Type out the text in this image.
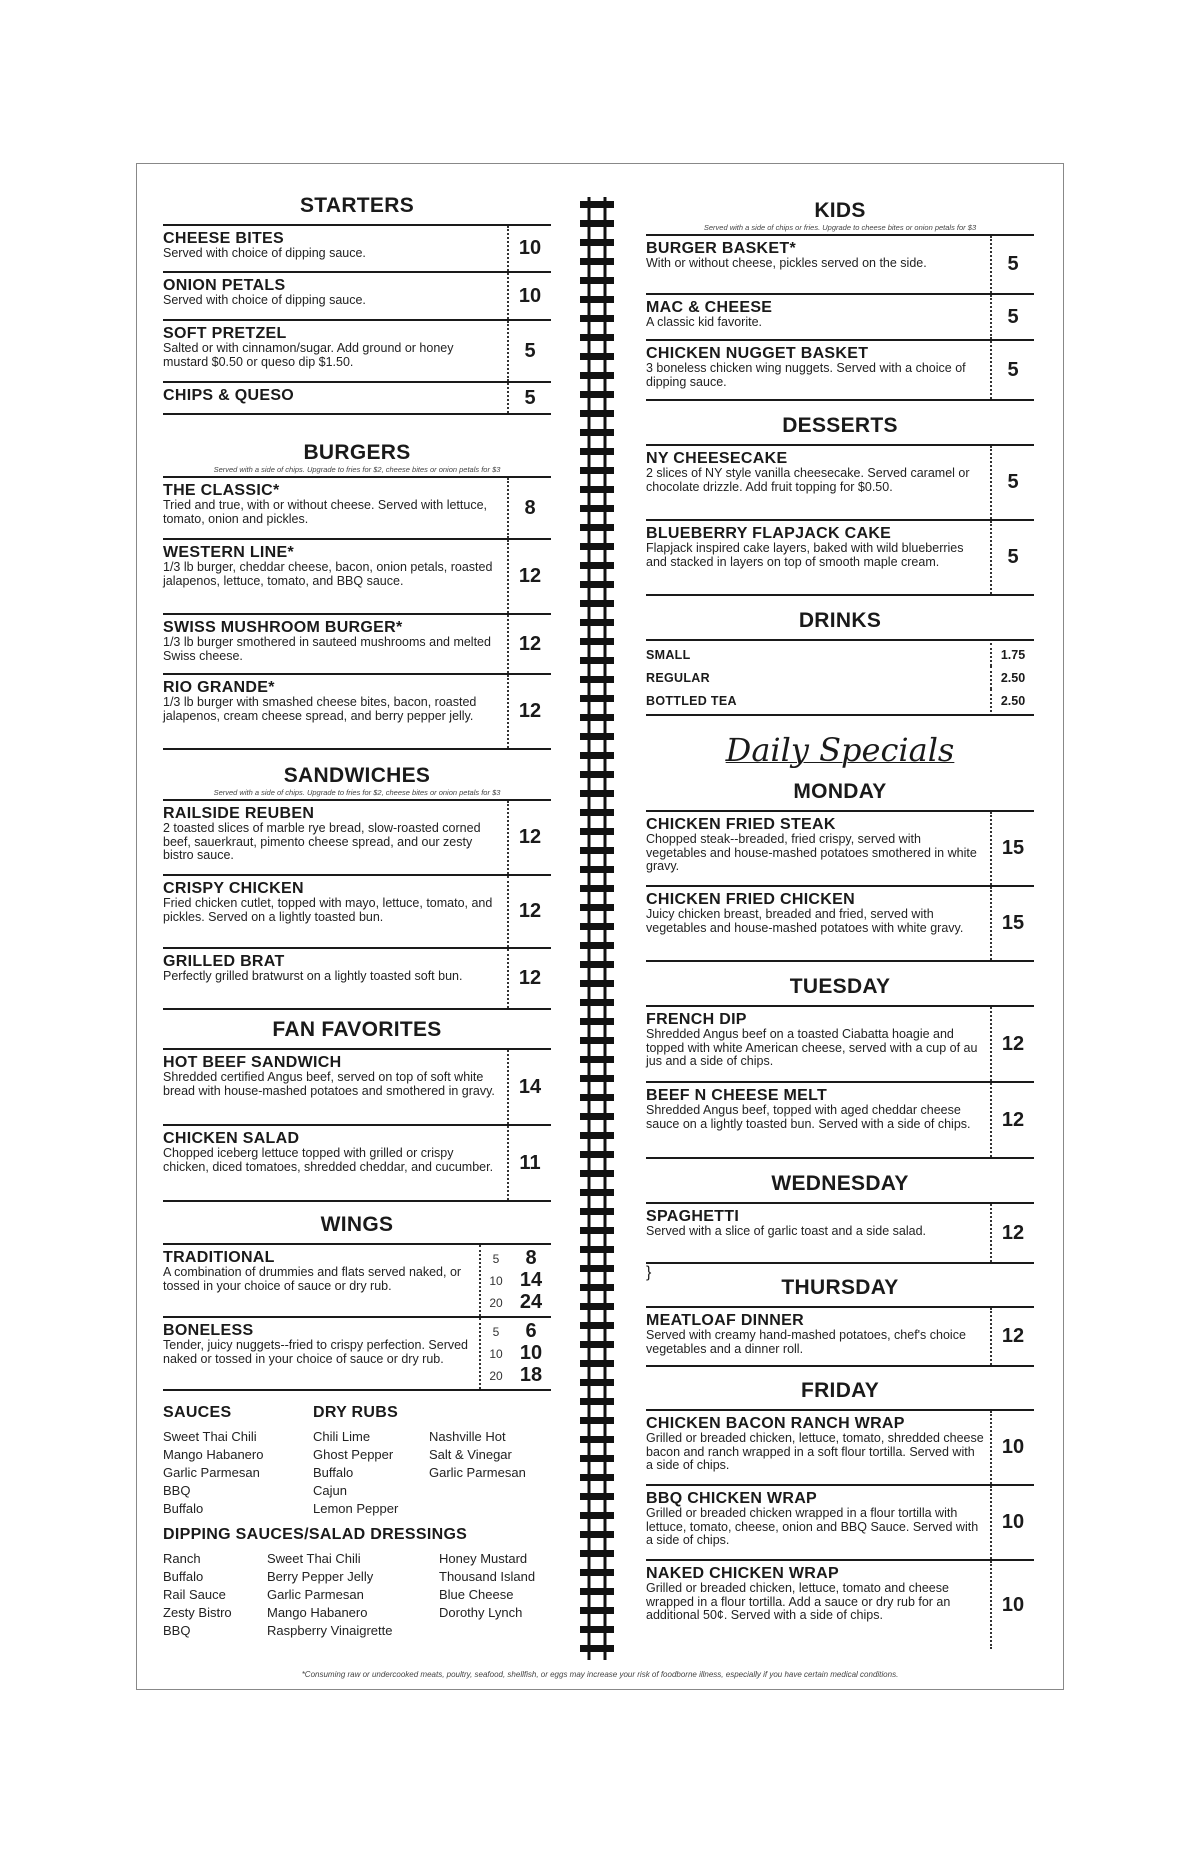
STARTERS
CHEESE BITES
Served with choice of dipping sauce.	10
ONION PETALS
Served with choice of dipping sauce.	10
SOFT PRETZEL
Salted or with cinnamon/sugar. Add ground or honey mustard $0.50 or queso dip $1.50.	5
CHIPS & QUESO	5
BURGERS

Served with a side of chips. Upgrade to fries for $2, cheese bites or onion petals for $3

THE CLASSIC*
Tried and true, with or without cheese. Served with lettuce, tomato, onion and pickles.	8
WESTERN LINE*
1/3 lb burger, cheddar cheese, bacon, onion petals, roasted jalapenos, lettuce, tomato, and BBQ sauce.	12
SWISS MUSHROOM BURGER*
1/3 lb burger smothered in sauteed mushrooms and melted Swiss cheese.
12
RIO GRANDE*
1/3 lb burger with smashed cheese bites, bacon, roasted jalapenos, cream cheese spread, and berry pepper jelly.	12
SANDWICHES

Served with a side of chips. Upgrade to fries for $2, cheese bites or onion petals for $3

RAILSIDE REUBEN
2 toasted slices of marble rye bread, slow-roasted corned beef, sauerkraut, pimento cheese spread, and our zesty bistro sauce.
12
CRISPY CHICKEN
Fried chicken cutlet, topped with mayo, lettuce, tomato, and pickles. Served on a lightly toasted bun.	12
GRILLED BRAT
Perfectly grilled bratwurst on a lightly toasted soft bun.	12
FAN FAVORITES
HOT BEEF SANDWICH
Shredded certified Angus beef, served on top of soft white bread with house-mashed potatoes and smothered in gravy.	14
CHICKEN SALAD
Chopped iceberg lettuce topped with grilled or crispy chicken, diced tomatoes, shredded cheddar, and cucumber.	11
WINGS
TRADITIONAL
A combination of drummies and flats served naked, or tossed in your choice of sauce or dry rub.
5	8
10 14
20 24
BONELESS
Tender, juicy nuggets--fried to crispy perfection. Served naked or tossed in your choice of sauce or dry rub.
5	6
10 10
20 18
SAUCES
Sweet Thai Chili
Mango Habanero
Garlic Parmesan
BBQ
Buffalo
DRY RUBS
Chili Lime
Ghost Pepper
Buffalo
Cajun
Lemon Pepper
Nashville Hot
Salt & Vinegar
Garlic Parmesan
DIPPING SAUCES/SALAD DRESSINGS
Ranch
Buffalo
Rail Sauce
Zesty Bistro
BBQ
Sweet Thai Chili
Berry Pepper Jelly
Garlic Parmesan
Mango Habanero
Raspberry Vinaigrette
Honey Mustard
Thousand Island
Blue Cheese
Dorothy Lynch
KIDS

Served with a side of chips or fries. Upgrade to cheese bites or onion petals for $3

BURGER BASKET*
With or without cheese, pickles served on the side.	5
MAC & CHEESE
A classic kid favorite.	5
CHICKEN NUGGET BASKET
3 boneless chicken wing nuggets. Served with a choice of dipping sauce.
5
DESSERTS
NY CHEESECAKE
2 slices of NY style vanilla cheesecake. Served caramel or chocolate drizzle. Add fruit topping for $0.50.	5
BLUEBERRY FLAPJACK CAKE
Flapjack inspired cake layers, baked with wild blueberries and stacked in layers on top of smooth maple cream.	5
DRINKS
SMALL	1.75
REGULAR	2.50
BOTTLED TEA	2.50
Daily Specials
MONDAY
CHICKEN FRIED STEAK
Chopped steak--breaded, fried crispy, served with vegetables and house-mashed potatoes smothered in white gravy.
15
CHICKEN FRIED CHICKEN
Juicy chicken breast, breaded and fried, served with vegetables and house-mashed potatoes with white gravy.	15
TUESDAY
FRENCH DIP
Shredded Angus beef on a toasted Ciabatta hoagie and topped with white American cheese, served with a cup of au jus and a side of chips.
12
BEEF N CHEESE MELT
Shredded Angus beef, topped with aged cheddar cheese sauce on a lightly toasted bun. Served with a side of chips.	12
WEDNESDAY
SPAGHETTI
Served with a slice of garlic toast and a side salad.	12
}
THURSDAY
MEATLOAF DINNER
Served with creamy hand-mashed potatoes, chef's choice vegetables and a dinner roll.
12
FRIDAY
CHICKEN BACON RANCH WRAP
Grilled or breaded chicken, lettuce, tomato, shredded cheese bacon and ranch wrapped in a soft flour tortilla. Served with a side of chips.
10
BBQ CHICKEN WRAP
Grilled or breaded chicken wrapped in a flour tortilla with lettuce, tomato, cheese, onion and BBQ Sauce. Served with a side of chips.
10
NAKED CHICKEN WRAP
Grilled or breaded chicken, lettuce, tomato and cheese wrapped in a flour tortilla. Add a sauce or dry rub for an additional 50¢. Served with a side of chips.	10
*Consuming raw or undercooked meats, poultry, seafood, shellfish, or eggs may increase your risk of foodborne illness, especially if you have certain medical conditions.
